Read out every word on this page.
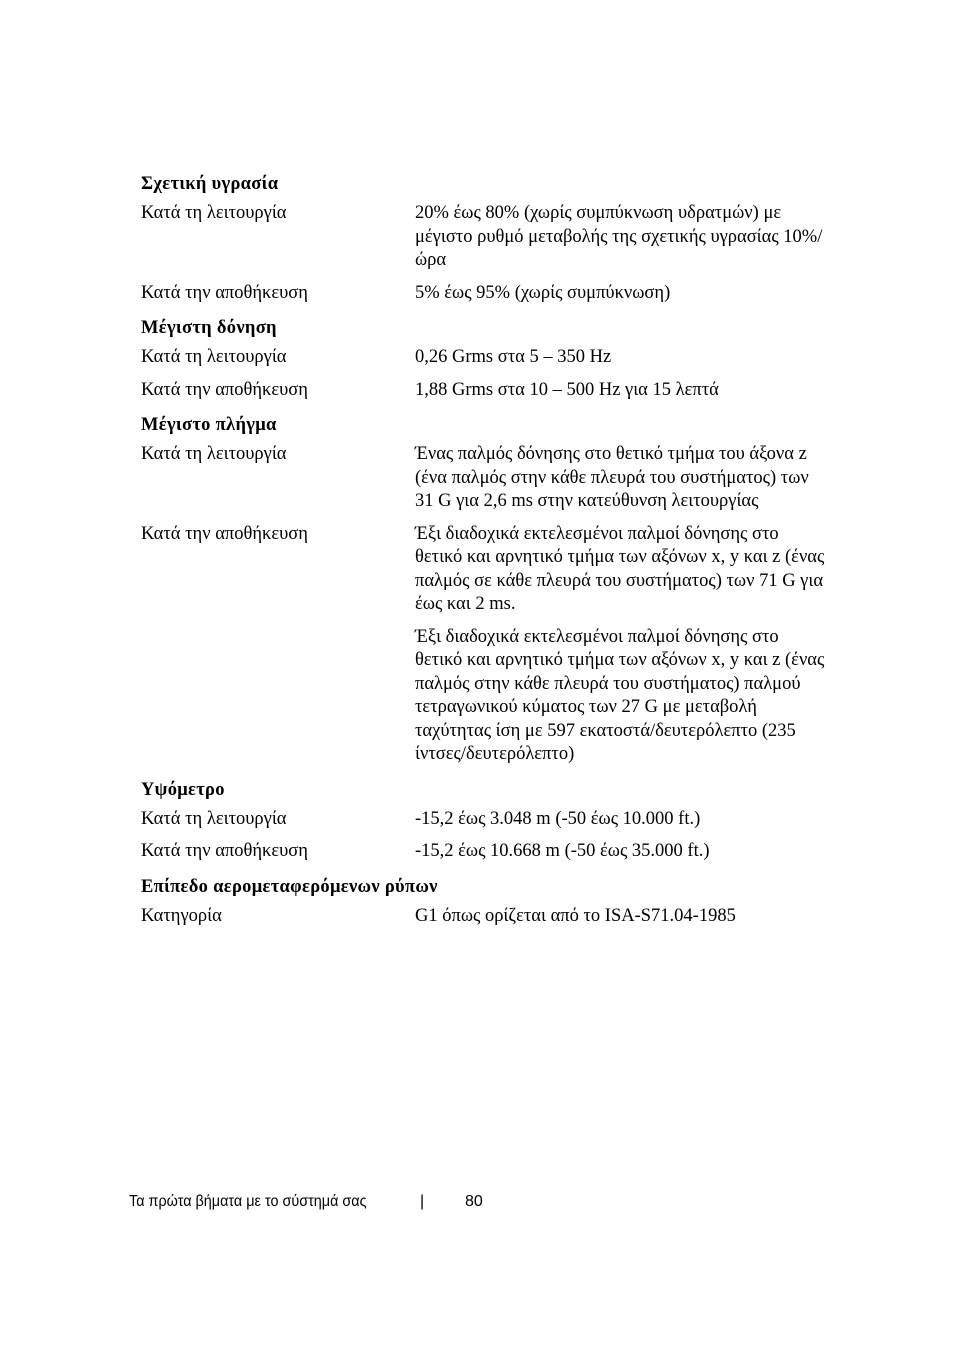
Σχετική υγρασία
Κατά τη λειτουργία	20% έως 80% (χωρίς συμπύκνωση υδρατμών) με μέγιστο ρυθμό μεταβολής της σχετικής υγρασίας 10%/ώρα

Κατά την αποθήκευση	5% έως 95% (χωρίς συμπύκνωση)

Μέγιστη δόνηση
Κατά τη λειτουργία	0,26 Grms στα 5 – 350 Hz

Κατά την αποθήκευση	1,88 Grms στα 10 – 500 Hz για 15 λεπτά

Μέγιστο πλήγμα
Κατά τη λειτουργία	Ένας παλμός δόνησης στο θετικό τμήμα του άξονα z (ένα παλμός στην κάθε πλευρά του συστήματος) των 31 G για 2,6 ms στην κατεύθυνση λειτουργίας

Κατά την αποθήκευση	Έξι διαδοχικά εκτελεσμένοι παλμοί δόνησης στο θετικό και αρνητικό τμήμα των αξόνων x, y και z (ένας παλμός σε κάθε πλευρά του συστήματος) των 71 G για έως και 2 ms.

Έξι διαδοχικά εκτελεσμένοι παλμοί δόνησης στο θετικό και αρνητικό τμήμα των αξόνων x, y και z (ένας παλμός στην κάθε πλευρά του συστήματος) παλμού τετραγωνικού κύματος των 27 G με μεταβολή ταχύτητας ίση με 597 εκατοστά/δευτερόλεπτο (235 ίντσες/δευτερόλεπτο)

Υψόμετρο
Κατά τη λειτουργία	-15,2 έως 3.048 m (-50 έως 10.000 ft.)

Κατά την αποθήκευση	-15,2 έως 10.668 m (-50 έως 35.000 ft.)

Επίπεδο αερομεταφερόμενων ρύπων
Κατηγορία	G1 όπως ορίζεται από το ISA-S71.04-1985

Τα πρώτα βήματα με το σύστημά σας	|	80
